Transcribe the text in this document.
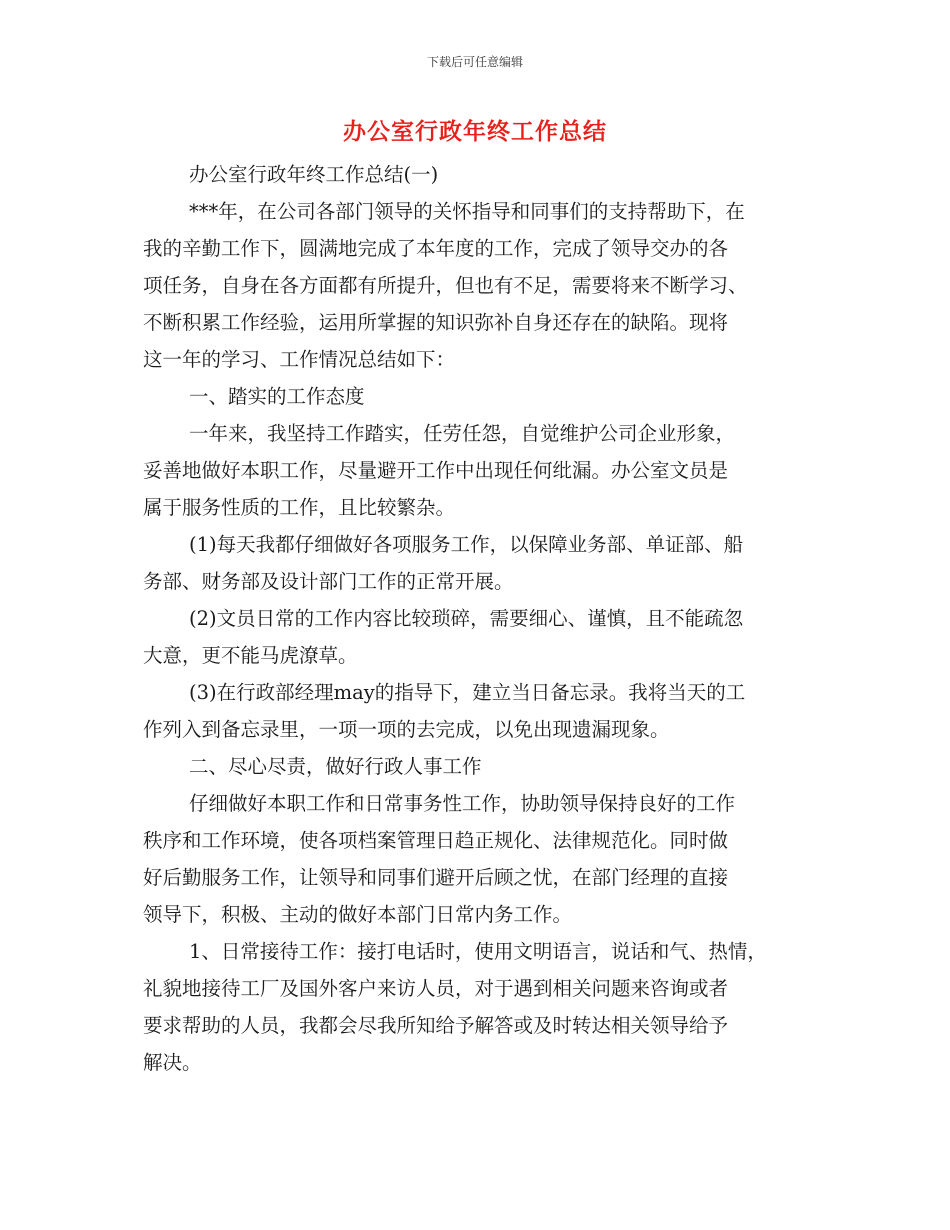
下载后可任意编辑
办公室行政年终工作总结
办公室行政年终工作总结(一)
***年，在公司各部门领导的关怀指导和同事们的支持帮助下，在
我的辛勤工作下，圆满地完成了本年度的工作，完成了领导交办的各
项任务，自身在各方面都有所提升，但也有不足，需要将来不断学习、
不断积累工作经验，运用所掌握的知识弥补自身还存在的缺陷。现将
这一年的学习、工作情况总结如下：
一、踏实的工作态度
一年来，我坚持工作踏实，任劳任怨，自觉维护公司企业形象，
妥善地做好本职工作，尽量避开工作中出现任何纰漏。办公室文员是
属于服务性质的工作，且比较繁杂。
(1)每天我都仔细做好各项服务工作，以保障业务部、单证部、船
务部、财务部及设计部门工作的正常开展。
(2)文员日常的工作内容比较琐碎，需要细心、谨慎，且不能疏忽
大意，更不能马虎潦草。
(3)在行政部经理may的指导下，建立当日备忘录。我将当天的工
作列入到备忘录里，一项一项的去完成，以免出现遗漏现象。
二、尽心尽责，做好行政人事工作
仔细做好本职工作和日常事务性工作，协助领导保持良好的工作
秩序和工作环境，使各项档案管理日趋正规化、法律规范化。同时做
好后勤服务工作，让领导和同事们避开后顾之忧，在部门经理的直接
领导下，积极、主动的做好本部门日常内务工作。
1、日常接待工作：接打电话时，使用文明语言，说话和气、热情，
礼貌地接待工厂及国外客户来访人员，对于遇到相关问题来咨询或者
要求帮助的人员，我都会尽我所知给予解答或及时转达相关领导给予
解决。
